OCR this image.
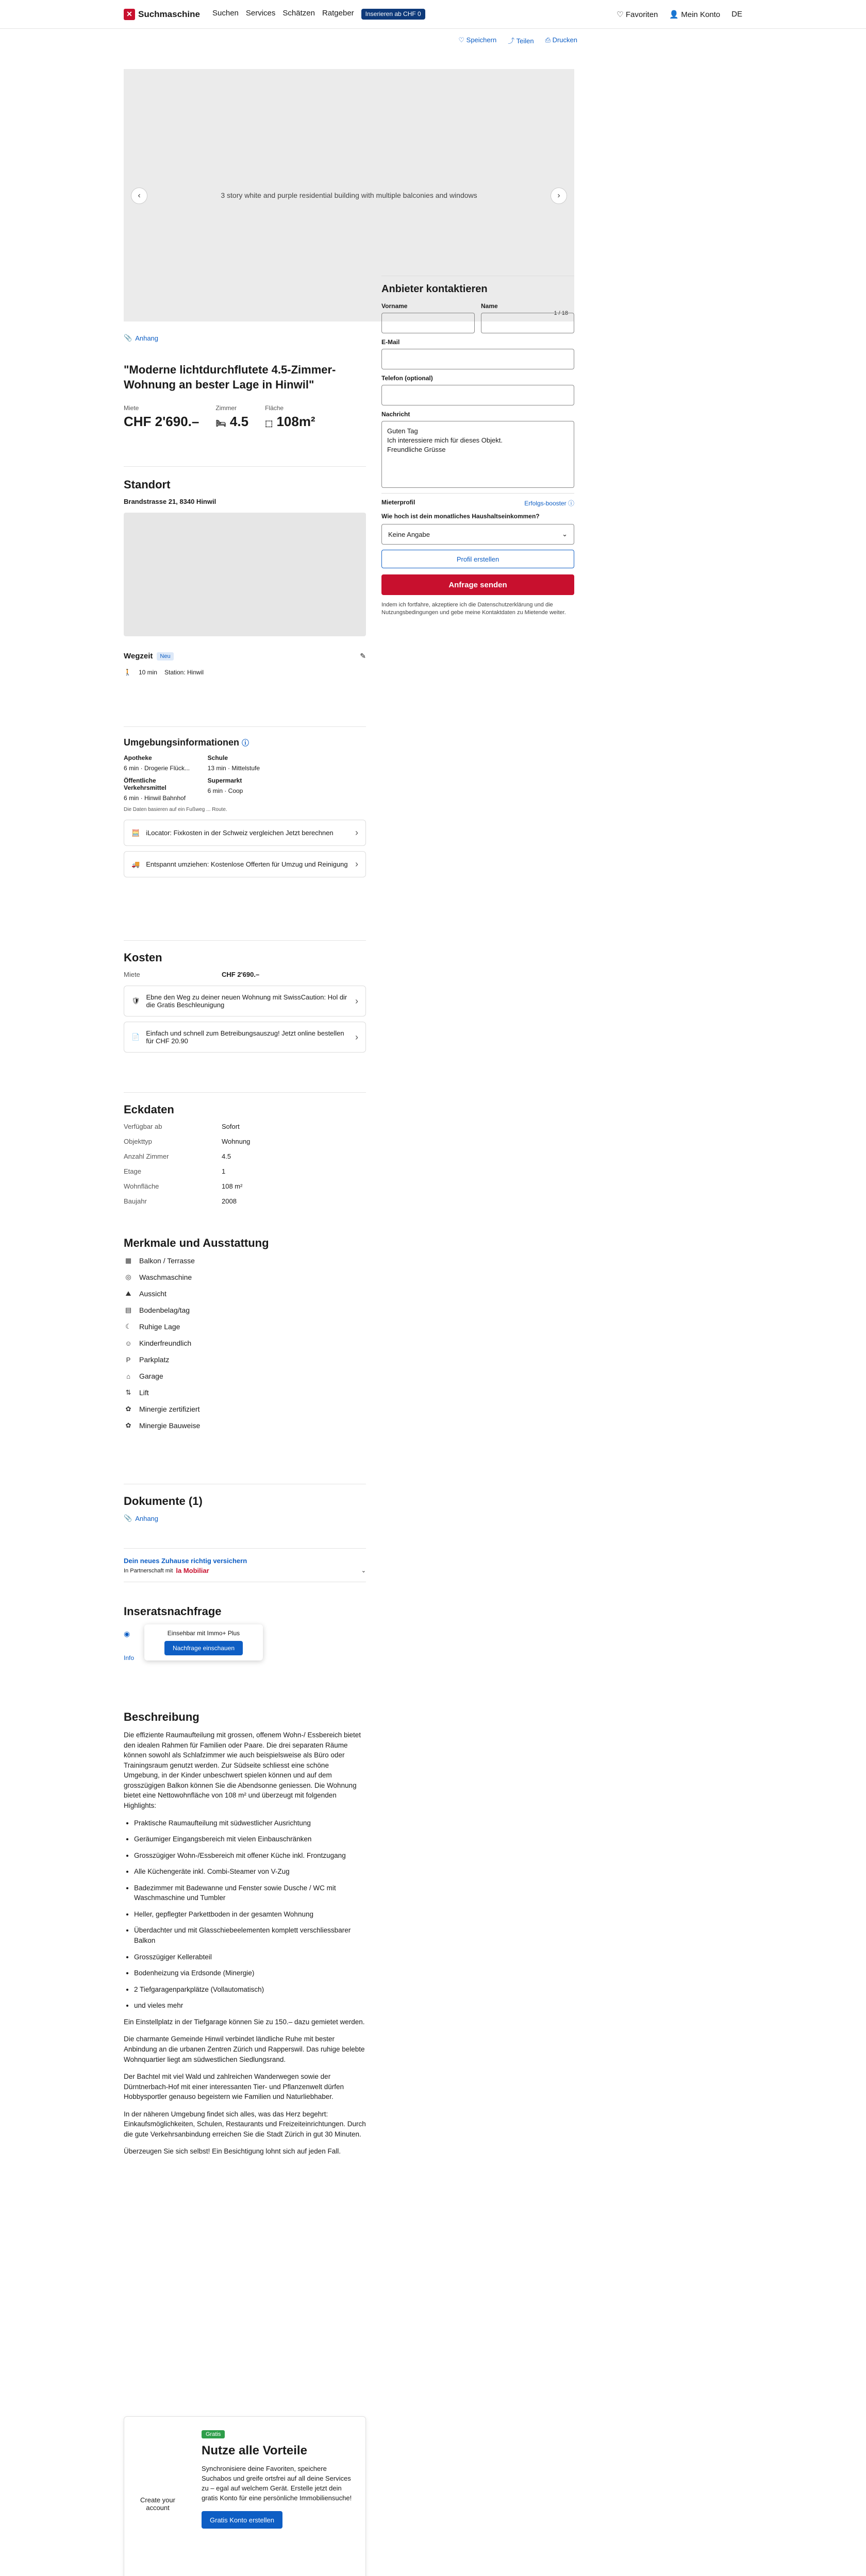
✕ Suchmaschine Suchen Services Schätzen Ratgeber	Inserieren ab CHF 0	♡ Favoriten 👤 Mein Konto DE
♡ Speichern ⤴ Teilen ⎙ Drucken
3 story white and purple residential building with multiple balconies and windows
‹	›
1 / 18
📎 Anhang
"Moderne lichtdurchflutete 4.5-Zimmer-Wohnung an bester Lage in Hinwil"
Miete
CHF 2'690.–
Zimmer
🛏 4.5
Fläche
⬚ 108m²
Standort
Brandstrasse 21, 8340 Hinwil
Wegzeit	Neu	✎
🚶 10 min Station: Hinwil
Umgebungsinformationen ⓘ
Apotheke
6 min · Drogerie Flück...
Schule
13 min · Mittelstufe
Öffentliche Verkehrsmittel
6 min · Hinwil Bahnhof
Supermarkt
6 min · Coop
Die Daten basieren auf ein Fußweg ... Route.
🧮 iLocator: Fixkosten in der Schweiz vergleichen Jetzt berechnen ›
🚚 Entspannt umziehen: Kostenlose Offerten für Umzug und Reinigung ›
Kosten
Miete	CHF 2'690.–
🛡 Ebne den Weg zu deiner neuen Wohnung mit SwissCaution: Hol dir die Gratis Beschleunigung	›
📄 Einfach und schnell zum Betreibungsauszug! Jetzt online bestellen für CHF 20.90	›
Eckdaten
Verfügbar ab	Sofort
Objekttyp	Wohnung
Anzahl Zimmer	4.5
Etage	1
Wohnfläche	108 m²
Baujahr	2008
Merkmale und Ausstattung
▦ Balkon / Terrasse
◎ Waschmaschine
⛰ Aussicht
▤ Bodenbelag/tag
☾ Ruhige Lage
☺ Kinderfreundlich
P	Parkplatz
⌂	Garage
⇅ Lift
✿ Minergie zertifiziert
✿ Minergie Bauweise
Dokumente (1)
📎 Anhang
Dein neues Zuhause richtig versichern
In Partnerschaft mit la Mobiliar	⌄
Inseratsnachfrage
◉
Info
Einsehbar mit Immo+ Plus
Nachfrage einschauen
Beschreibung

Die effiziente Raumaufteilung mit grossen, offenem Wohn-/ Essbereich bietet den idealen Rahmen für Familien oder Paare. Die drei separaten Räume können sowohl als Schlafzimmer wie auch beispielsweise als Büro oder Trainingsraum genutzt werden. Zur Südseite schliesst eine schöne Umgebung, in der Kinder unbeschwert spielen können und auf dem grosszügigen Balkon können Sie die Abendsonne geniessen. Die Wohnung bietet eine Nettowohnfläche von 108 m² und überzeugt mit folgenden Highlights:

• Praktische Raumaufteilung mit südwestlicher Ausrichtung
• Geräumiger Eingangsbereich mit vielen Einbauschränken
• Grosszügiger Wohn-/Essbereich mit offener Küche inkl. Frontzugang
• Alle Küchengeräte inkl. Combi-Steamer von V-Zug
• Badezimmer mit Badewanne und Fenster sowie Dusche / WC mit Waschmaschine und Tumbler
• Heller, gepflegter Parkettboden in der gesamten Wohnung
• Überdachter und mit Glasschiebeelementen komplett verschliessbarer Balkon
• Grosszügiger Kellerabteil
• Bodenheizung via Erdsonde (Minergie)
• 2 Tiefgaragenparkplätze (Vollautomatisch)
• und vieles mehr

Ein Einstellplatz in der Tiefgarage können Sie zu 150.– dazu gemietet werden.

Die charmante Gemeinde Hinwil verbindet ländliche Ruhe mit bester Anbindung an die urbanen Zentren Zürich und Rapperswil. Das ruhige belebte Wohnquartier liegt am südwestlichen Siedlungsrand.

Der Bachtel mit viel Wald und zahlreichen Wanderwegen sowie der Dürntnerbach-Hof mit einer interessanten Tier- und Pflanzenwelt dürfen Hobbysportler genauso begeistern wie Familien und Naturliebhaber.

In der näheren Umgebung findet sich alles, was das Herz begehrt: Einkaufsmöglichkeiten, Schulen, Restaurants und Freizeiteinrichtungen. Durch die gute Verkehrsanbindung erreichen Sie die Stadt Zürich in gut 30 Minuten.

Überzeugen Sie sich selbst! Ein Besichtigung lohnt sich auf jeden Fall.

Create your account
Gratis
Nutze alle Vorteile

Synchronisiere deine Favoriten, speichere Suchabos und greife ortsfrei auf all deine Services zu – egal auf welchem Gerät. Erstelle jetzt dein gratis Konto für eine persönliche Immobiliensuche!

Gratis Konto erstellen

Anbieter kontaktieren
Vorname	Name
E-Mail
Telefon (optional)
Nachricht
Guten Tag
Ich interessiere mich für dieses Objekt.
Freundliche Grüsse
Mieterprofil	Erfolgs-booster ⓘ
Wie hoch ist dein monatliches Haushaltseinkommen?
Keine Angabe	⌄
Profil erstellen
Anfrage senden

Indem ich fortfahre, akzeptiere ich die Datenschutzerklärung und die Nutzungsbedingungen und gebe meine Kontaktdaten zu Mietende weiter.
